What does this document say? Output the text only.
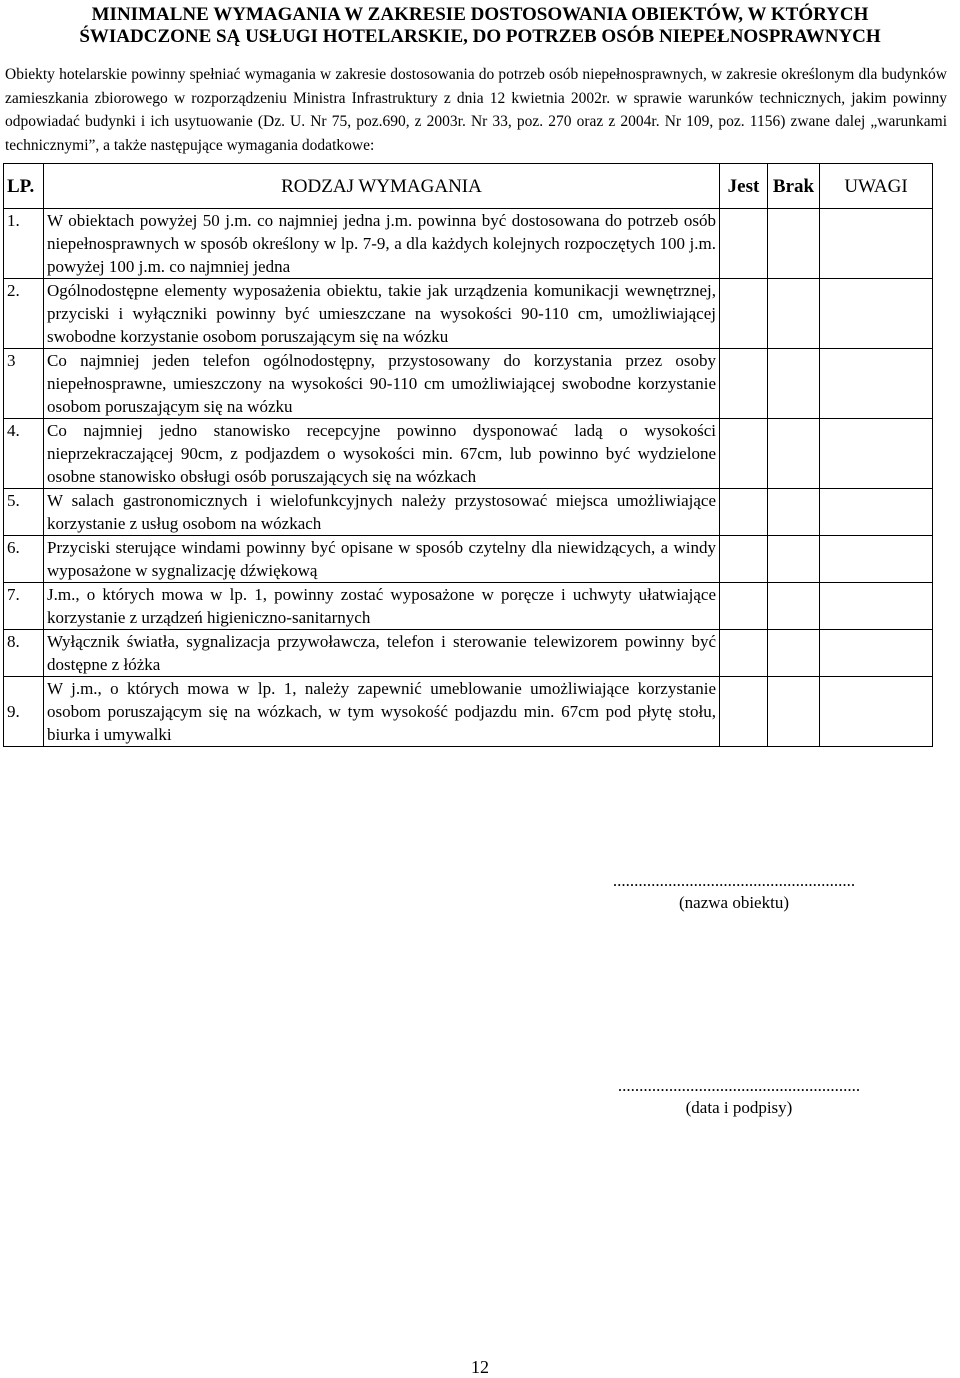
MINIMALNE WYMAGANIA W ZAKRESIE DOSTOSOWANIA OBIEKTÓW, W KTÓRYCH
ŚWIADCZONE SĄ USŁUGI HOTELARSKIE, DO POTRZEB OSÓB NIEPEŁNOSPRAWNYCH

Obiekty hotelarskie powinny spełniać wymagania w zakresie dostosowania do potrzeb osób niepełnosprawnych, w zakresie określonym dla budynków zamieszkania zbiorowego w rozporządzeniu Ministra Infrastruktury z dnia 12 kwietnia 2002r. w sprawie warunków technicznych, jakim powinny odpowiadać budynki i ich usytuowanie (Dz. U. Nr 75, poz.690, z 2003r. Nr 33, poz. 270 oraz z 2004r. Nr 109, poz. 1156) zwane dalej „warunkami technicznymi”, a także następujące wymagania dodatkowe:

LP.	RODZAJ WYMAGANIA	Jest	Brak	UWAGI
1.	W obiektach powyżej 50 j.m. co najmniej jedna j.m. powinna być dostosowana do potrzeb osób niepełnosprawnych w sposób określony w lp. 7-9, a dla każdych kolejnych rozpoczętych 100 j.m. powyżej 100 j.m. co najmniej jedna			
2.	Ogólnodostępne elementy wyposażenia obiektu, takie jak urządzenia komunikacji wewnętrznej, przyciski i wyłączniki powinny być umieszczane na wysokości 90-110 cm, umożliwiającej swobodne korzystanie osobom poruszającym się na wózku			
3	Co najmniej jeden telefon ogólnodostępny, przystosowany do korzystania przez osoby niepełnosprawne, umieszczony na wysokości 90-110 cm umożliwiającej swobodne korzystanie osobom poruszającym się na wózku			
4.	Co najmniej jedno stanowisko recepcyjne powinno dysponować ladą o wysokości nieprzekraczającej 90cm, z podjazdem o wysokości min. 67cm, lub powinno być wydzielone osobne stanowisko obsługi osób poruszających się na wózkach			
5.	W salach gastronomicznych i wielofunkcyjnych należy przystosować miejsca umożliwiające korzystanie z usług osobom na wózkach			
6.	Przyciski sterujące windami powinny być opisane w sposób czytelny dla niewidzących, a windy wyposażone w sygnalizację dźwiękową			
7.	J.m., o których mowa w lp. 1, powinny zostać wyposażone w poręcze i uchwyty ułatwiające korzystanie z urządzeń higieniczno-sanitarnych			
8.	Wyłącznik światła, sygnalizacja przywoławcza, telefon i sterowanie telewizorem powinny być dostępne z łóżka			
9.	W j.m., o których mowa w lp. 1, należy zapewnić umeblowanie umożliwiające korzystanie osobom poruszającym się na wózkach, w tym wysokość podjazdu min. 67cm pod płytę stołu, biurka i umywalki			
.........................................................
(nazwa obiektu)
.........................................................
(data i podpisy)
12
